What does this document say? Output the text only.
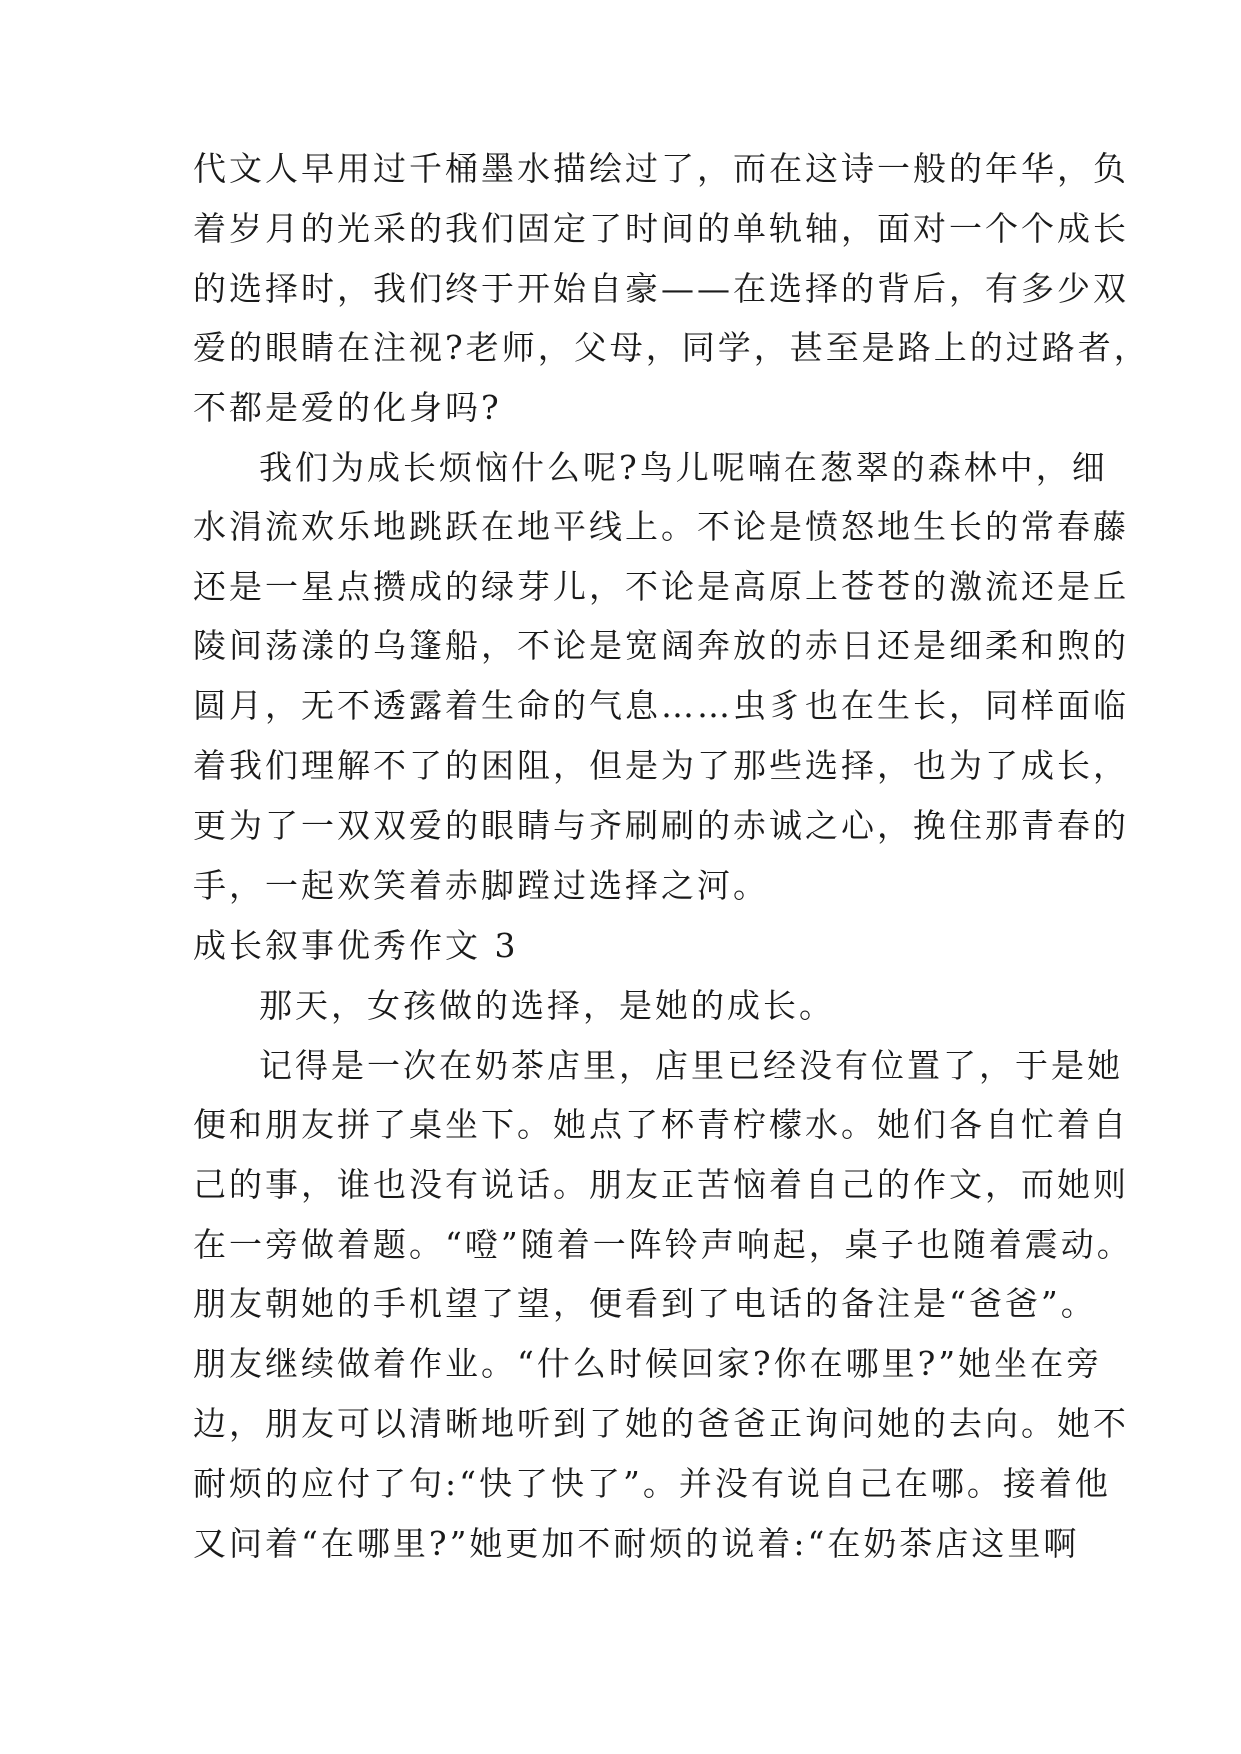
代文人早用过千桶墨水描绘过了，而在这诗一般的年华，负

着岁月的光采的我们固定了时间的单轨轴，面对一个个成长

的选择时，我们终于开始自豪——在选择的背后，有多少双

爱的眼睛在注视?老师，父母，同学，甚至是路上的过路者，

不都是爱的化身吗?

我们为成长烦恼什么呢?鸟儿呢喃在葱翠的森林中，细

水涓流欢乐地跳跃在地平线上。不论是愤怒地生长的常春藤

还是一星点攒成的绿芽儿，不论是高原上苍苍的激流还是丘

陵间荡漾的乌篷船，不论是宽阔奔放的赤日还是细柔和煦的

圆月，无不透露着生命的气息……虫豸也在生长，同样面临

着我们理解不了的困阻，但是为了那些选择，也为了成长，

更为了一双双爱的眼睛与齐刷刷的赤诚之心，挽住那青春的

手，一起欢笑着赤脚蹚过选择之河。

成长叙事优秀作文 3

那天，女孩做的选择，是她的成长。

记得是一次在奶茶店里，店里已经没有位置了，于是她

便和朋友拼了桌坐下。她点了杯青柠檬水。她们各自忙着自

己的事，谁也没有说话。朋友正苦恼着自己的作文，而她则

在一旁做着题。“噔”随着一阵铃声响起，桌子也随着震动。

朋友朝她的手机望了望，便看到了电话的备注是“爸爸”。

朋友继续做着作业。“什么时候回家?你在哪里?”她坐在旁

边，朋友可以清晰地听到了她的爸爸正询问她的去向。她不

耐烦的应付了句:“快了快了”。并没有说自己在哪。接着他

又问着“在哪里?”她更加不耐烦的说着:“在奶茶店这里啊
